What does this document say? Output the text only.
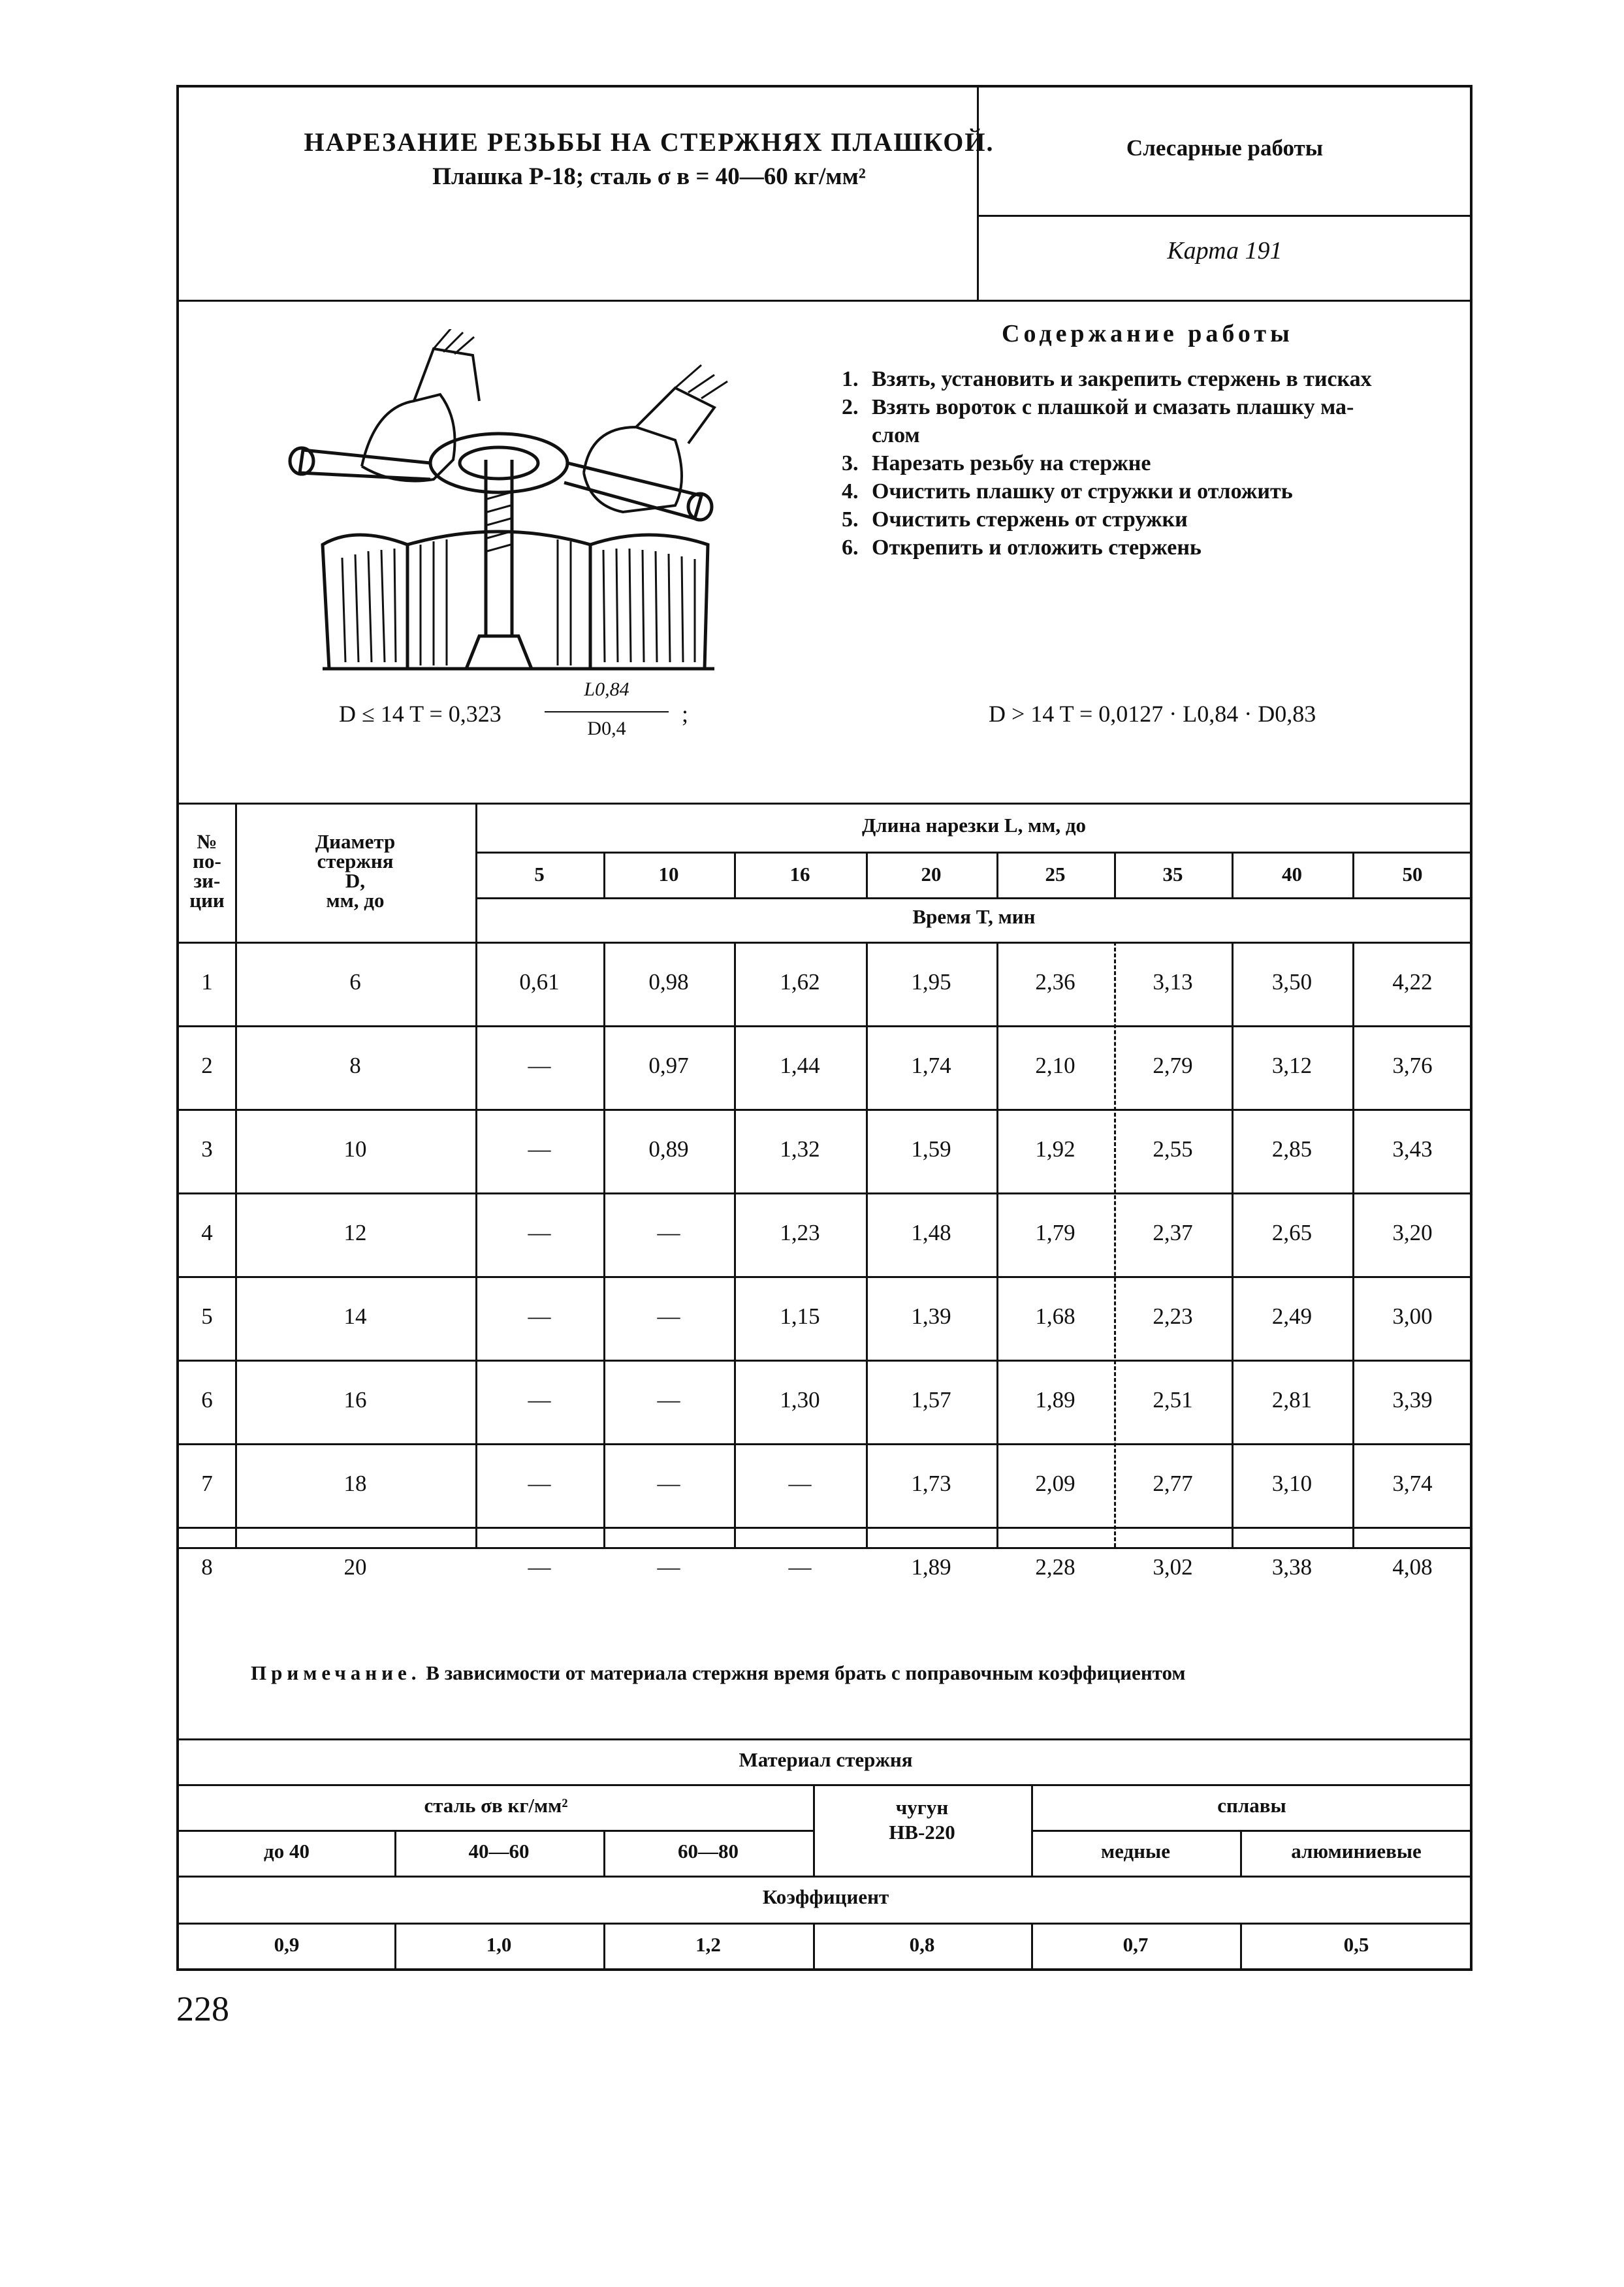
НАРЕЗАНИЕ РЕЗЬБЫ НА СТЕРЖНЯХ ПЛАШКОЙ.
Плашка Р-18; сталь σ в = 40—60 кг/мм²
Слесарные работы
Карта 191
Содержание работы
1. Взять, установить и закрепить стержень в тисках
2. Взять вороток с плашкой и смазать плашку ма-
слом
3. Нарезать резьбу на стержне
4. Очистить плашку от стружки и отложить
5. Очистить стержень от стружки
6. Открепить и отложить стержень
D ≤ 14 T = 0,323
L0,84
D0,4
;	D > 14 T = 0,0127 · L0,84 · D0,83
№
по-
зи-
ции
Диаметр
стержня
D,
мм, до
Длина нарезки L, мм, до
Время T, мин
5	10	16	20	25	35	40	50
1	6	0,61	0,98	1,62	1,95	2,36	3,13	3,50	4,22
2	8	—	0,97	1,44	1,74	2,10	2,79	3,12	3,76
3	10	—	0,89	1,32	1,59	1,92	2,55	2,85	3,43
4	12	—	—	1,23	1,48	1,79	2,37	2,65	3,20
5	14	—	—	1,15	1,39	1,68	2,23	2,49	3,00
6	16	—	—	1,30	1,57	1,89	2,51	2,81	3,39
7	18	—	—	—	1,73	2,09	2,77	3,10	3,74
8	20	—	—	—	1,89	2,28	3,02	3,38	4,08
Примечание. В зависимости от материала стержня время брать с поправочным коэффициентом
Материал стержня
сталь σв кг/мм²	чугун
НВ-220
сплавы
до 40	40—60	60—80	медные	алюминиевые
Коэффициент
0,9	1,0	1,2	0,8	0,7	0,5
228
